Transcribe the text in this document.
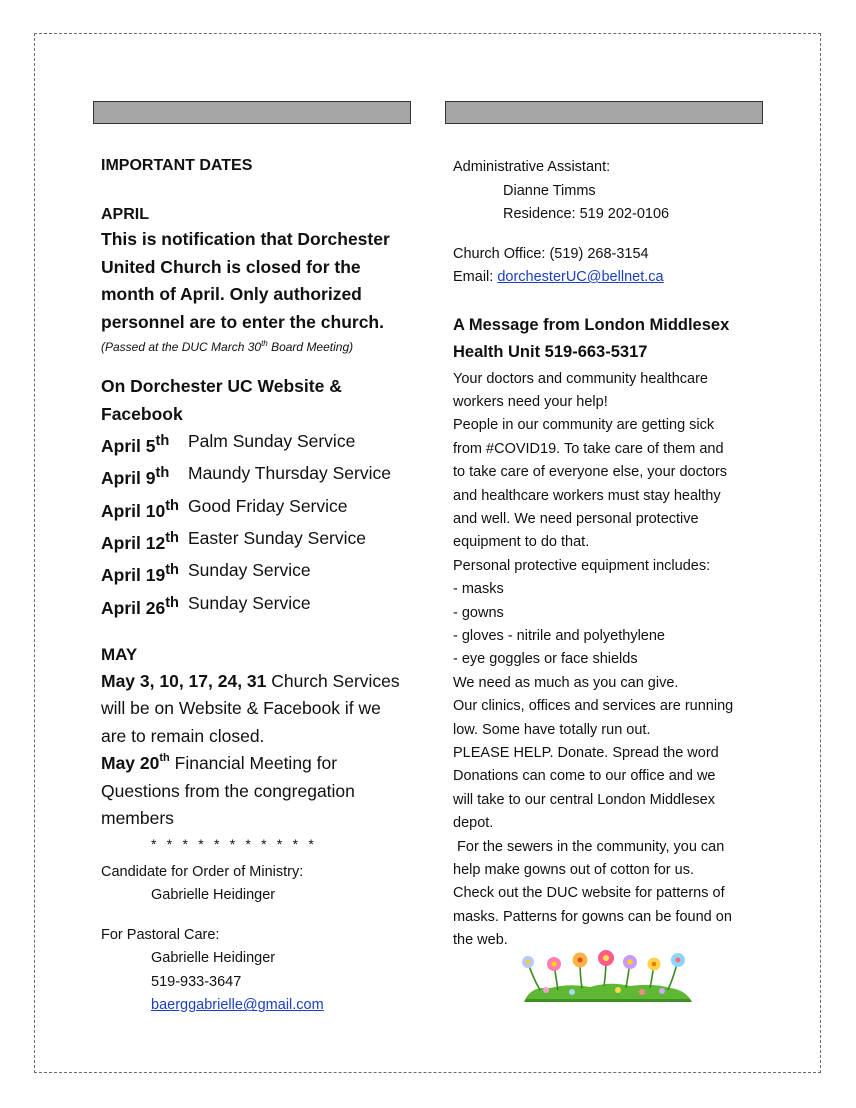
IMPORTANT DATES

APRIL

This is notification that Dorchester

United Church is closed for the

month of April. Only authorized

personnel are to enter the church.

(Passed at the DUC March 30th Board Meeting)

On Dorchester UC Website &

Facebook

April 5th	Palm Sunday Service
April 9th	Maundy Thursday Service
April 10th Good Friday Service
April 12th Easter Sunday Service
April 19th Sunday Service
April 26th Sunday Service

MAY

May 3, 10, 17, 24, 31 Church Services
will be on Website & Facebook if we
are to remain closed.
May 20th Financial Meeting for
Questions from the congregation
members
* * * * * * * * * * *

Candidate for Order of Ministry:

Gabrielle Heidinger

For Pastoral Care:

Gabrielle Heidinger

519-933-3647

baerggabrielle@gmail.com

Administrative Assistant:

Dianne Timms

Residence: 519 202-0106

Church Office: (519) 268-3154

Email: dorchesterUC@bellnet.ca

A Message from London Middlesex

Health Unit 519-663-5317

Your doctors and community healthcare

workers need your help!

People in our community are getting sick

from #COVID19. To take care of them and

to take care of everyone else, your doctors

and healthcare workers must stay healthy

and well. We need personal protective

equipment to do that.

Personal protective equipment includes:

- masks

- gowns

- gloves - nitrile and polyethylene

- eye goggles or face shields

We need as much as you can give.

Our clinics, offices and services are running

low. Some have totally run out.

PLEASE HELP. Donate. Spread the word

Donations can come to our office and we

will take to our central London Middlesex

depot.

For the sewers in the community, you can

help make gowns out of cotton for us.

Check out the DUC website for patterns of

masks. Patterns for gowns can be found on

the web.
